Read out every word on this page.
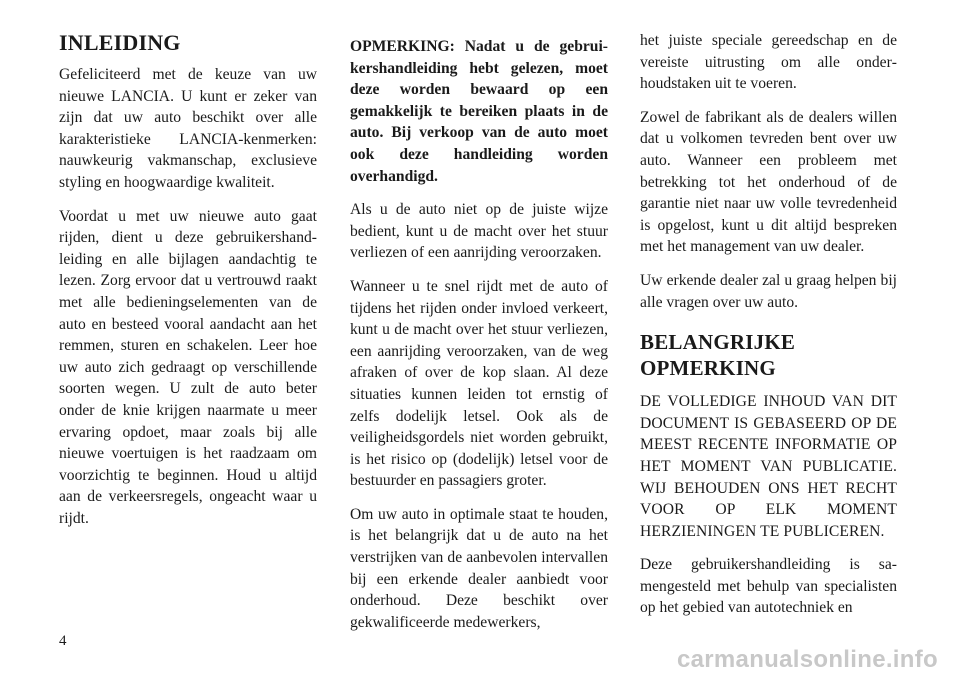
INLEIDING

Gefeliciteerd met de keuze van uw nieuwe LANCIA. U kunt er zeker van zijn dat uw auto beschikt over alle karakteristieke LANCIA-kenmerken: nauwkeurig vakmanschap, exclusieve styling en hoogwaardige kwaliteit.

Voordat u met uw nieuwe auto gaat rijden, dient u deze gebruikershandleiding en alle bijlagen aandachtig te lezen. Zorg ervoor dat u vertrouwd raakt met alle bedieningselementen van de auto en besteed vooral aandacht aan het remmen, sturen en schakelen. Leer hoe uw auto zich gedraagt op verschillende soorten wegen. U zult de auto beter onder de knie krijgen naarmate u meer ervaring opdoet, maar zoals bij alle nieuwe voertuigen is het raadzaam om voorzichtig te beginnen. Houd u altijd aan de verkeersregels, ongeacht waar u rijdt.

OPMERKING: Nadat u de gebruikershandleiding hebt gelezen, moet deze worden bewaard op een gemakkelijk te bereiken plaats in de auto. Bij verkoop van de auto moet ook deze handleiding worden overhandigd.

Als u de auto niet op de juiste wijze bedient, kunt u de macht over het stuur verliezen of een aanrijding veroorzaken.

Wanneer u te snel rijdt met de auto of tijdens het rijden onder invloed verkeert, kunt u de macht over het stuur verliezen, een aanrijding veroorzaken, van de weg afraken of over de kop slaan. Al deze situaties kunnen leiden tot ernstig of zelfs dodelijk letsel. Ook als de veiligheidsgordels niet worden gebruikt, is het risico op (dodelijk) letsel voor de bestuurder en passagiers groter.

Om uw auto in optimale staat te houden, is het belangrijk dat u de auto na het verstrijken van de aanbevolen intervallen bij een erkende dealer aanbiedt voor onderhoud. Deze beschikt over gekwalificeerde medewerkers,

het juiste speciale gereedschap en de vereiste uitrusting om alle onderhoudstaken uit te voeren.

Zowel de fabrikant als de dealers willen dat u volkomen tevreden bent over uw auto. Wanneer een probleem met betrekking tot het onderhoud of de garantie niet naar uw volle tevredenheid is opgelost, kunt u dit altijd bespreken met het management van uw dealer.

Uw erkende dealer zal u graag helpen bij alle vragen over uw auto.

BELANGRIJKE OPMERKING

DE VOLLEDIGE INHOUD VAN DIT DOCUMENT IS GEBASEERD OP DE MEEST RECENTE INFORMATIE OP HET MOMENT VAN PUBLICATIE. WIJ BEHOUDEN ONS HET RECHT VOOR OP ELK MOMENT HERZIENINGEN TE PUBLICEREN.

Deze gebruikershandleiding is samengesteld met behulp van specialisten op het gebied van autotechniek en

4
carmanualsonline.info
